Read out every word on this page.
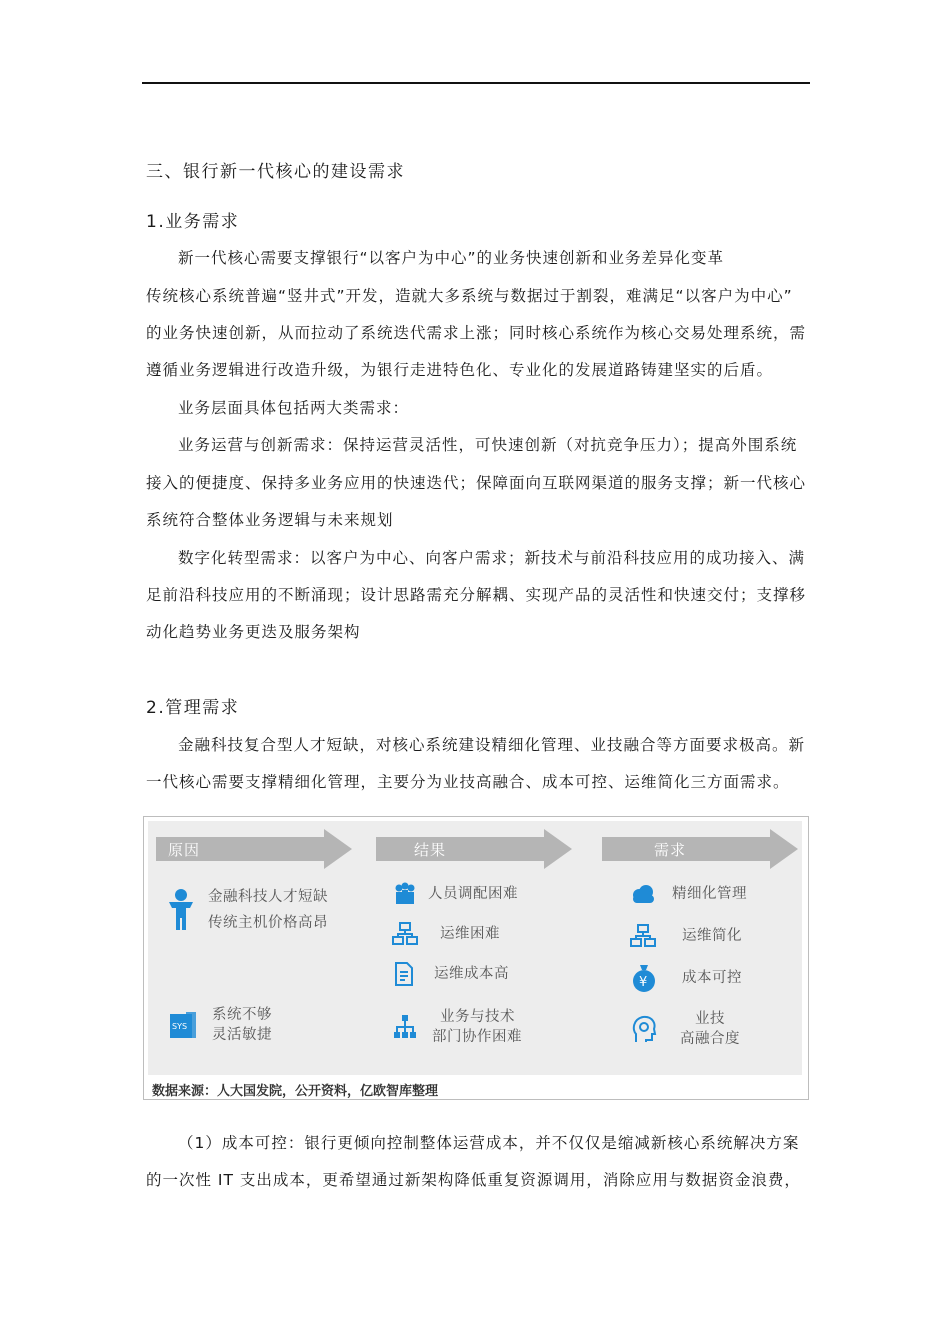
三、银行新一代核心的建设需求
1.业务需求
新一代核心需要支撑银行“以客户为中心”的业务快速创新和业务差异化变革
传统核心系统普遍“竖井式”开发，造就大多系统与数据过于割裂，难满足“以客户为中心”
的业务快速创新，从而拉动了系统迭代需求上涨；同时核心系统作为核心交易处理系统，需
遵循业务逻辑进行改造升级，为银行走进特色化、专业化的发展道路铸建坚实的后盾。
业务层面具体包括两大类需求：
业务运营与创新需求：保持运营灵活性，可快速创新（对抗竞争压力）；提高外围系统
接入的便捷度、保持多业务应用的快速迭代；保障面向互联网渠道的服务支撑；新一代核心
系统符合整体业务逻辑与未来规划
数字化转型需求：以客户为中心、向客户需求；新技术与前沿科技应用的成功接入、满
足前沿科技应用的不断涌现；设计思路需充分解耦、实现产品的灵活性和快速交付；支撑移
动化趋势业务更迭及服务架构
2.管理需求
金融科技复合型人才短缺，对核心系统建设精细化管理、业技融合等方面要求极高。新
一代核心需要支撑精细化管理，主要分为业技高融合、成本可控、运维简化三方面需求。
原因	结果	需求
金融科技人才短缺
传统主机价格高昂
SYS
系统不够
灵活敏捷
人员调配困难
运维困难
运维成本高
业务与技术
部门协作困难
精细化管理
运维简化
¥ 成本可控
业技
高融合度
数据来源：人大国发院，公开资料，亿欧智库整理
（1）成本可控：银行更倾向控制整体运营成本，并不仅仅是缩减新核心系统解决方案
的一次性 IT 支出成本，更希望通过新架构降低重复资源调用，消除应用与数据资金浪费，
